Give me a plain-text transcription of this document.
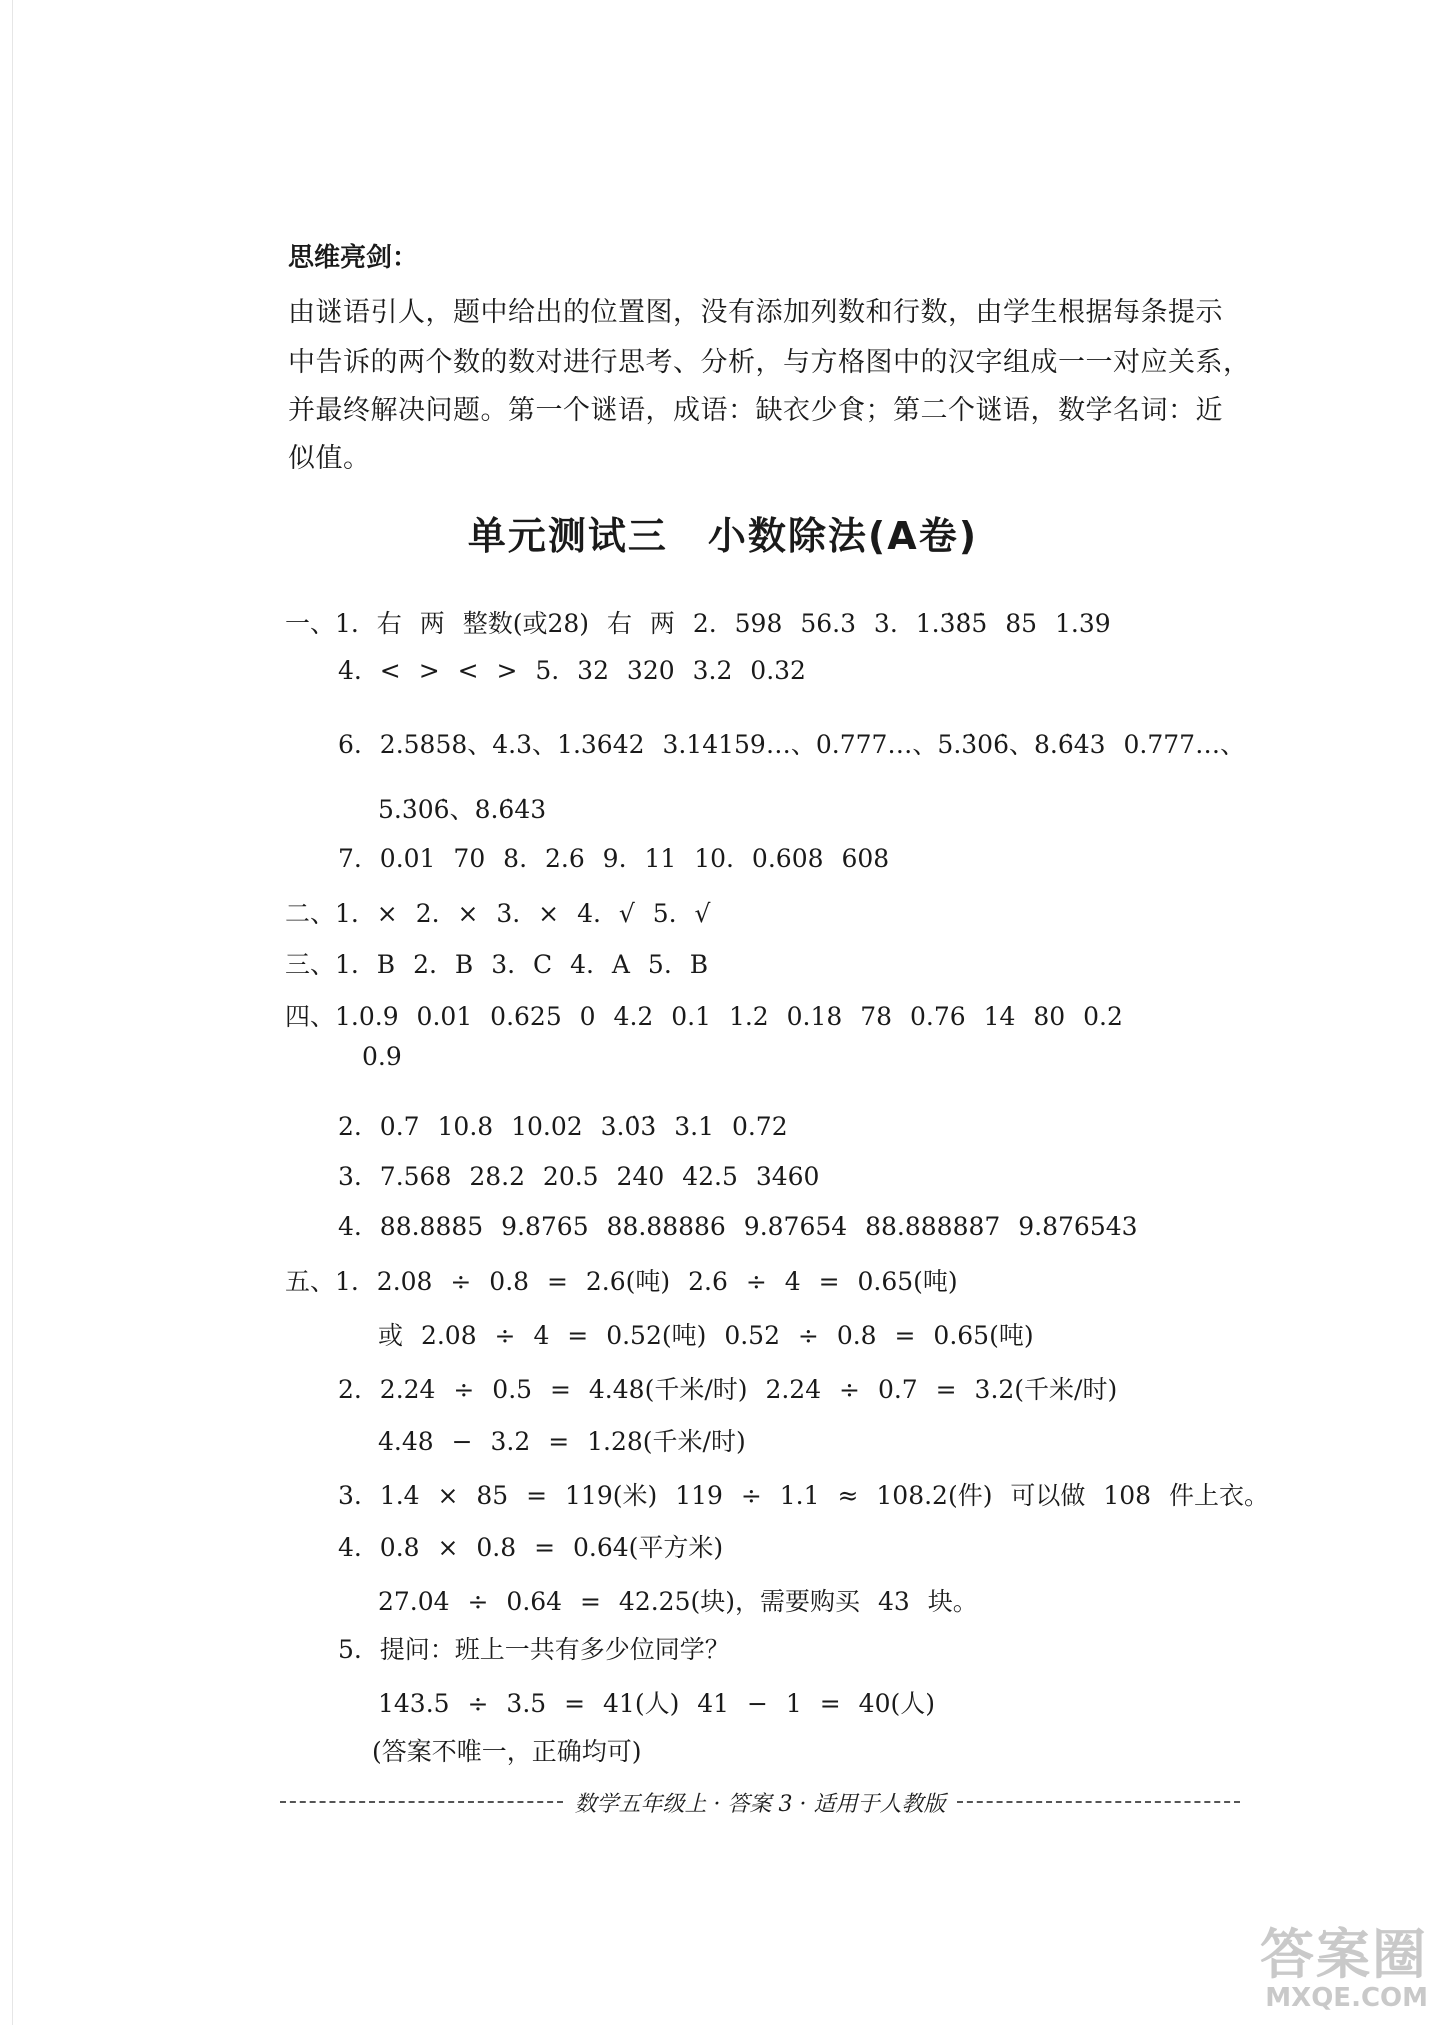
思维亮剑：
由谜语引人，题中给出的位置图，没有添加列数和行数，由学生根据每条提示
中告诉的两个数的数对进行思考、分析，与方格图中的汉字组成一一对应关系，
并最终解决问题。第一个谜语，成语：缺衣少食；第二个谜语，数学名词：近
似值。
单元测试三　小数除法(A卷)
一、1. 右 两 整数(或28) 右 两 2. 598 56.3 3. 1.3̇8̇5̇ 85 1.39
4. < > < > 5. 32 320 3.2 0.32
6. 2.5858、4.3、1.3642 3.14159…、0.777…、5.3̇06̇、8.6̇4̇3 0.777…、
5.3̇06̇、8.6̇4̇3
7. 0.01 70 8. 2.6 9. 11 10. 0.608 608
二、1. × 2. × 3. × 4. √ 5. √
三、1. B 2. B 3. C 4. A 5. B
四、1.0.9 0.01 0.625 0 4.2 0.1 1.2 0.18 78 0.76 14 80 0.2
0.9
2. 0.7 10.8 10.02 3.0̇3̇ 3.1 0.72
3. 7.568 28.2 20.5 240 42.5 3460
4. 88.8885 9.8765 88.88886 9.87654 88.888887 9.876543
五、1. 2.08 ÷ 0.8 = 2.6(吨) 2.6 ÷ 4 = 0.65(吨)
或 2.08 ÷ 4 = 0.52(吨) 0.52 ÷ 0.8 = 0.65(吨)
2. 2.24 ÷ 0.5 = 4.48(千米/时) 2.24 ÷ 0.7 = 3.2(千米/时)
4.48 − 3.2 = 1.28(千米/时)
3. 1.4 × 85 = 119(米) 119 ÷ 1.1 ≈ 108.2(件) 可以做 108 件上衣。
4. 0.8 × 0.8 = 0.64(平方米)
27.04 ÷ 0.64 = 42.25(块)，需要购买 43 块。
5. 提问：班上一共有多少位同学？
143.5 ÷ 3.5 = 41(人) 41 − 1 = 40(人)
(答案不唯一，正确均可)
数学五年级上 · 答案 3 · 适用于人教版
答案圈
MXQE.COM
